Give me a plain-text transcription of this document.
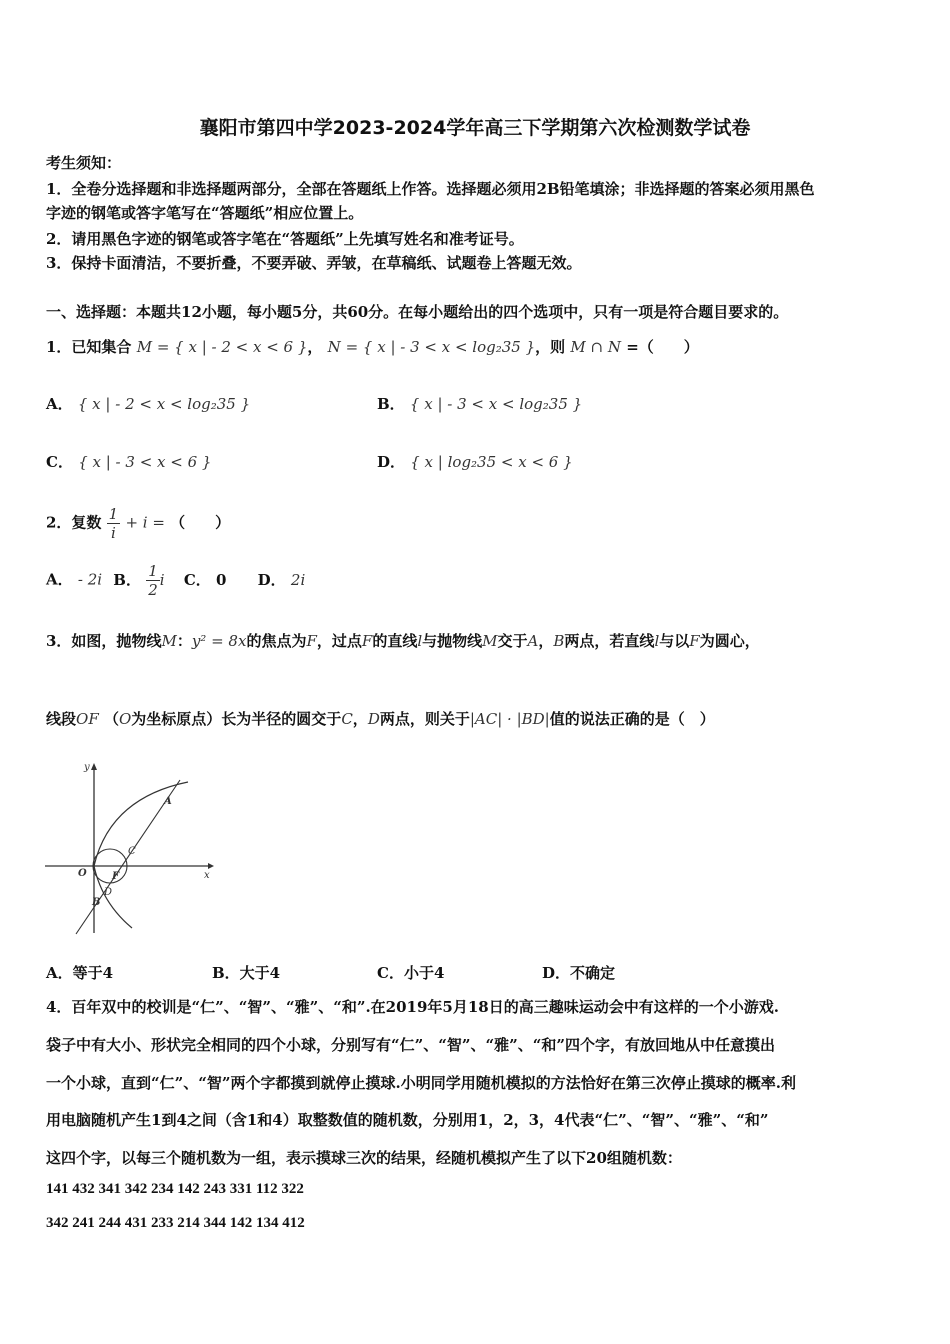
襄阳市第四中学2023-2024学年高三下学期第六次检测数学试卷
考生须知：
1．全卷分选择题和非选择题两部分，全部在答题纸上作答。选择题必须用2B铅笔填涂；非选择题的答案必须用黑色
字迹的钢笔或答字笔写在“答题纸”相应位置上。
2．请用黑色字迹的钢笔或答字笔在“答题纸”上先填写姓名和准考证号。
3．保持卡面清洁，不要折叠，不要弄破、弄皱，在草稿纸、试题卷上答题无效。
一、选择题：本题共12小题，每小题5分，共60分。在每小题给出的四个选项中，只有一项是符合题目要求的。
1．已知集合 M = { x | - 2 < x < 6 }， N = { x | - 3 < x < log₂35 }，则 M ∩ N =（　　）
A． { x | - 2 < x < log₂35 }	B． { x | - 3 < x < log₂35 }
C． { x | - 3 < x < 6 }	D． { x | log₂35 < x < 6 }
2．复数 $\frac{1}{i} + i$ = （　　）
A． - 2i B． $\frac{1}{2}$ i C． 0 D． 2i
3．如图，抛物线M：y² = 8x的焦点为F，过点F的直线l与抛物线M交于A，B两点，若直线l与以F为圆心，
线段OF （O为坐标原点）长为半径的圆交于C，D两点，则关于|AC| · |BD|值的说法正确的是（　）
y
x
O	F
A
B
C
D
A．等于4	B．大于4	C．小于4	D．不确定
4．百年双中的校训是“仁”、“智”、“雅”、“和”.在2019年5月18日的高三趣味运动会中有这样的一个小游戏.
袋子中有大小、形状完全相同的四个小球，分别写有“仁”、“智”、“雅”、“和”四个字，有放回地从中任意摸出
一个小球，直到“仁”、“智”两个字都摸到就停止摸球.小明同学用随机模拟的方法恰好在第三次停止摸球的概率.利
用电脑随机产生1到4之间（含1和4）取整数值的随机数，分别用1，2，3，4代表“仁”、“智”、“雅”、“和”
这四个字，以每三个随机数为一组，表示摸球三次的结果，经随机模拟产生了以下20组随机数：
141 432 341 342 234 142 243 331 112 322
342 241 244 431 233 214 344 142 134 412
